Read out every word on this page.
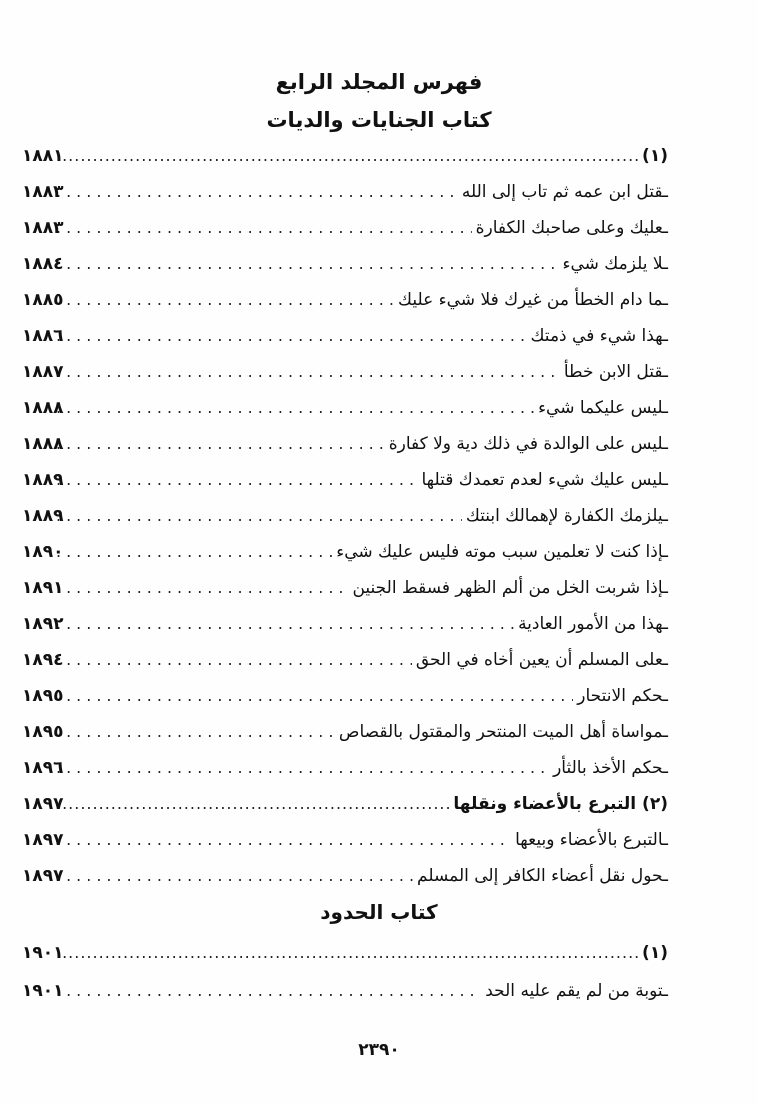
فهرس المجلد الرابع
كتاب الجنايات والديات
(١)
.....
١٨٨١
ـقتل ابن عمه ثم تاب إلى الله
.....
١٨٨٣
ـعليك وعلى صاحبك الكفارة
.....
١٨٨٣
ـلا يلزمك شيء
.....
١٨٨٤
ـما دام الخطأ من غيرك فلا شيء عليك
.....
١٨٨٥
ـهذا شيء في ذمتك
.....
١٨٨٦
ـقتل الابن خطأ
.....
١٨٨٧
ـليس عليكما شيء
.....
١٨٨٨
ـليس على الوالدة في ذلك دية ولا كفارة
.....
١٨٨٨
ـليس عليك شيء لعدم تعمدك قتلها
.....
١٨٨٩
ـيلزمك الكفارة لإهمالك ابنتك
.....
١٨٨٩
ـإذا كنت لا تعلمين سبب موته فليس عليك شيء
.....
١٨٩٠
ـإذا شربت الخل من ألم الظهر فسقط الجنين
.....
١٨٩١
ـهذا من الأمور العادية
.....
١٨٩٢
ـعلى المسلم أن يعين أخاه في الحق
.....
١٨٩٤
ـحكم الانتحار
.....
١٨٩٥
ـمواساة أهل الميت المنتحر والمقتول بالقصاص
.....
١٨٩٥
ـحكم الأخذ بالثأر
.....
١٨٩٦
(٢) التبرع بالأعضاء ونقلها
.....
١٨٩٧
ـالتبرع بالأعضاء وبيعها
.....
١٨٩٧
ـحول نقل أعضاء الكافر إلى المسلم
.....
١٨٩٧
كتاب الحدود
(١)
.....
١٩٠١
ـتوبة من لم يقم عليه الحد
.....
١٩٠١
٢٣٩٠
